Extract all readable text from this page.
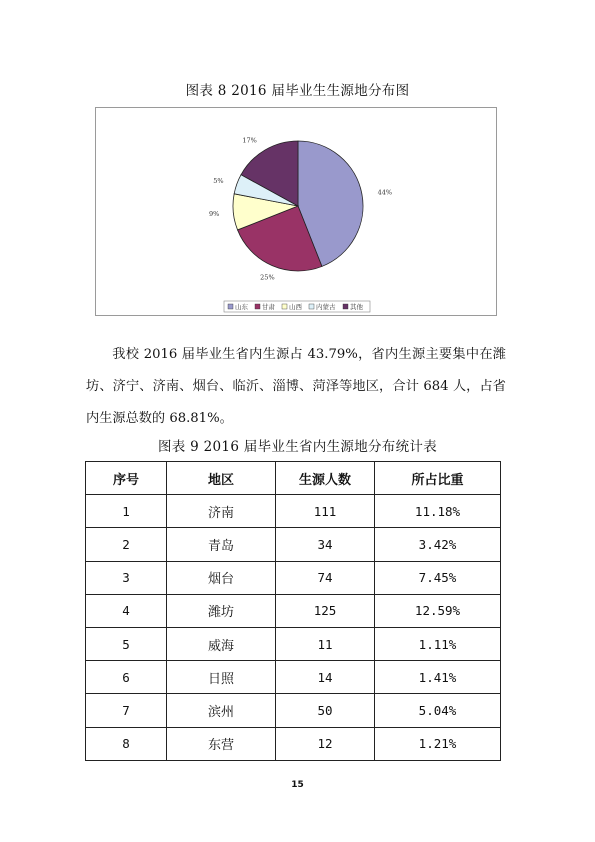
图表 8 2016 届毕业生生源地分布图
44%
25%
9%
5%
17%
山东 甘肃 山西 内蒙古 其他
我校 2016 届毕业生省内生源占 43.79%，省内生源主要集中在潍坊、济宁、济南、烟台、临沂、淄博、菏泽等地区，合计 684 人，占省内生源总数的 68.81%。
图表 9 2016 届毕业生省内生源地分布统计表
序号	地区	生源人数	所占比重
1	济南	111	11.18%
2	青岛	34	3.42%
3	烟台	74	7.45%
4	潍坊	125	12.59%
5	威海	11	1.11%
6	日照	14	1.41%
7	滨州	50	5.04%
8	东营	12	1.21%
15
